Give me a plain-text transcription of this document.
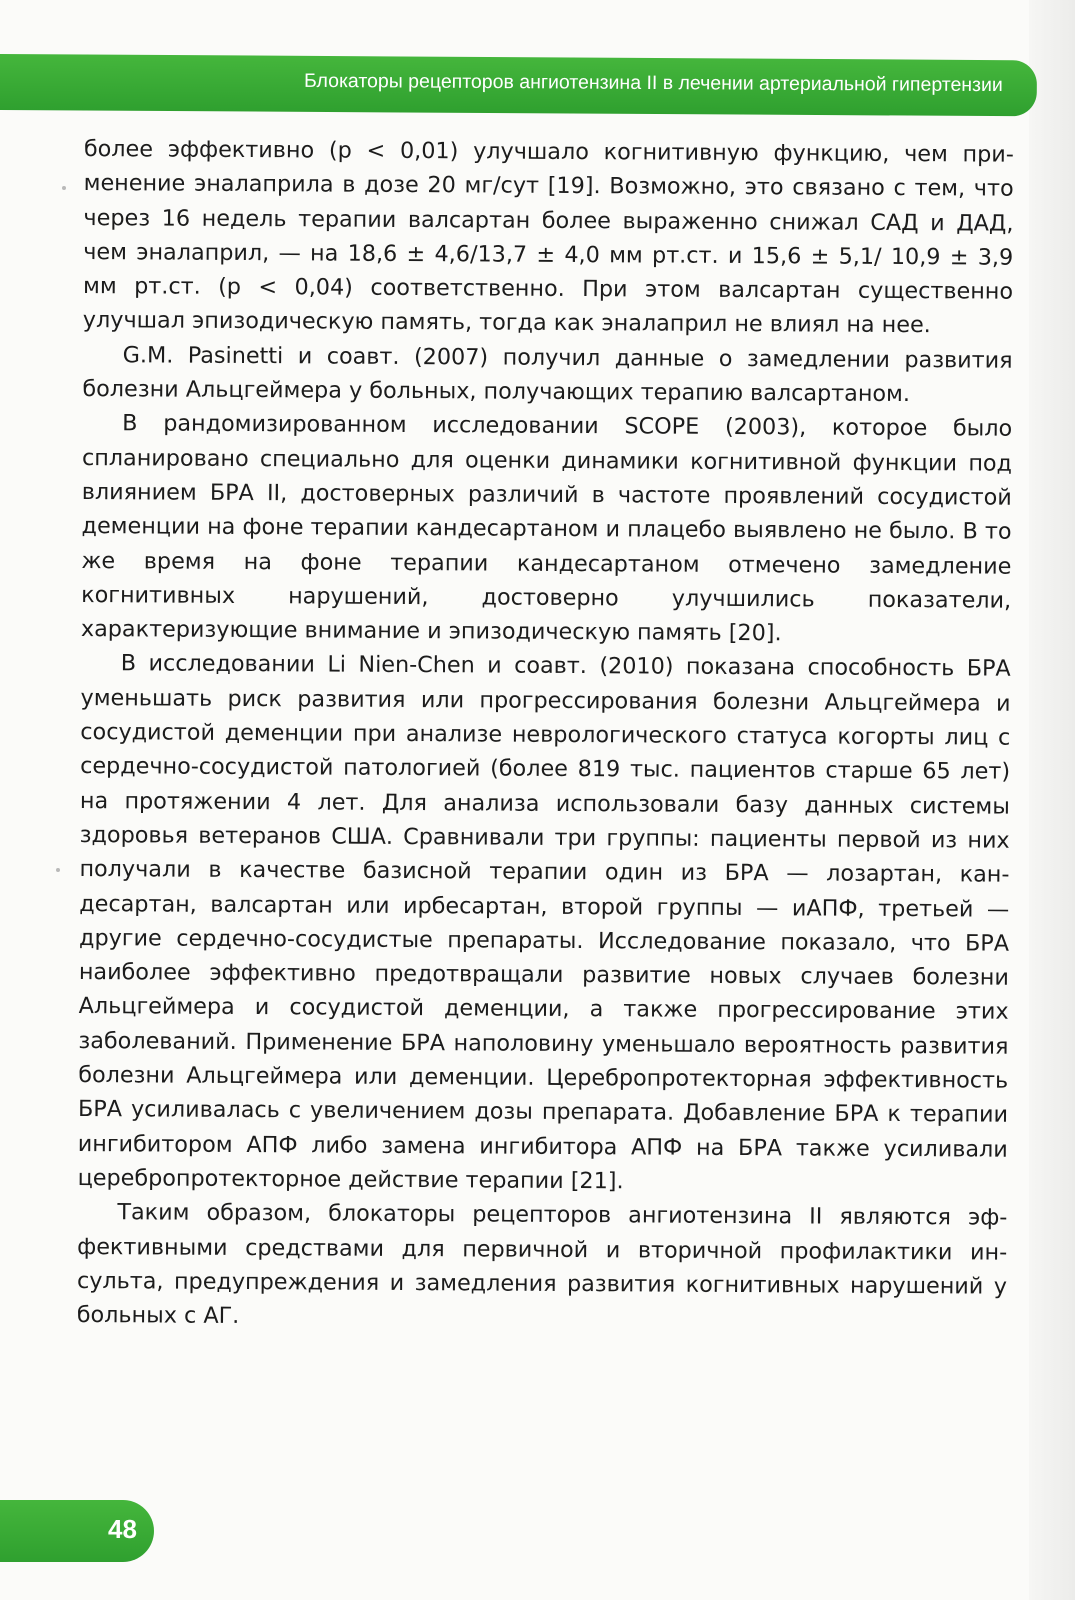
Блокаторы рецепторов ангиотензина II в лечении артериальной гипертензии

более эффективно (р < 0,01) улучшало когнитивную функцию, чем применение эналаприла в дозе 20 мг/сут [19]. Возможно, это связано с тем, что через 16 недель терапии валсартан более выраженно снижал САД и ДАД, чем эналаприл, — на 18,6 ± 4,6/13,7 ± 4,0 мм рт.ст. и 15,6 ± 5,1/ 10,9 ± 3,9 мм рт.ст. (р < 0,04) соответственно. При этом валсартан существенно улучшал эпизодическую память, тогда как эналаприл не влиял на нее.

G.M. Pasinetti и соавт. (2007) получил данные о замедлении развития болезни Альцгеймера у больных, получающих терапию валсартаном.

В рандомизированном исследовании SCOPE (2003), которое было спланировано специально для оценки динамики когнитивной функции под влиянием БРА II, достоверных различий в частоте проявлений сосудистой деменции на фоне терапии кандесартаном и плацебо выявлено не было. В то же время на фоне терапии кандесартаном отмечено замедление когнитивных нарушений, достоверно улучшились показатели, характеризующие внимание и эпизодическую память [20].

В исследовании Li Nien-Chen и соавт. (2010) показана способность БРА уменьшать риск развития или прогрессирования болезни Альцгеймера и сосудистой деменции при анализе неврологического статуса когорты лиц с сердечно-сосудистой патологией (более 819 тыс. пациентов старше 65 лет) на протяжении 4 лет. Для анализа использовали базу данных системы здоровья ветеранов США. Сравнивали три группы: пациенты первой из них получали в качестве базисной терапии один из БРА — лозартан, кандесартан, валсартан или ирбесартан, второй группы — иАПФ, третьей — другие сердечно-сосудистые препараты. Исследование показало, что БРА наиболее эффективно предотвращали развитие новых случаев болезни Альцгеймера и сосудистой деменции, а также прогрессирование этих заболеваний. Применение БРА наполовину уменьшало вероятность развития болезни Альцгеймера или деменции. Церебропротекторная эффективность БРА усиливалась с увеличением дозы препарата. Добавление БРА к терапии ингибитором АПФ либо замена ингибитора АПФ на БРА также усиливали церебропротекторное действие терапии [21].

Таким образом, блокаторы рецепторов ангиотензина II являются эффективными средствами для первичной и вторичной профилактики инсульта, предупреждения и замедления развития когнитивных нарушений у больных с АГ.

48
